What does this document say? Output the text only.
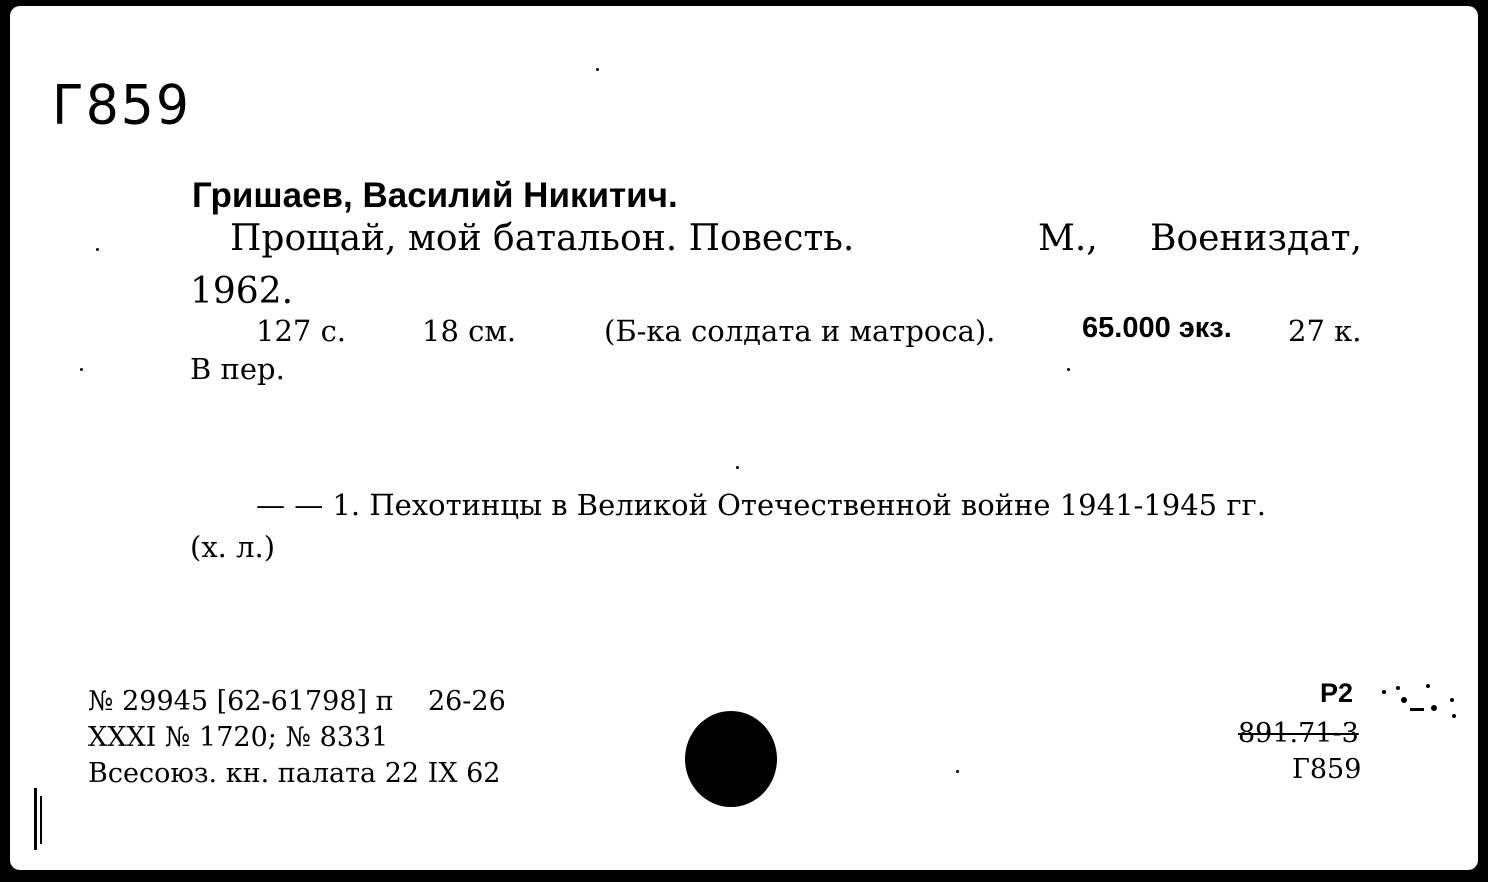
Г859
Гришаев, Василий Никитич.
Прощай, мой батальон. Повесть.	М., Воениздат,
1962.
127 с.	18 см.	(Б-ка солдата и матроса).	65.000 экз. 27 к.
В пер.
— — 1. Пехотинцы в Великой Отечественной войне 1941-1945 гг.
(х. л.)
№ 29945 [62-61798] п    26-26
XXXI № 1720; № 8331
Всесоюз. кн. палата 22 IX 62
Р2
891.71-3
Г859
